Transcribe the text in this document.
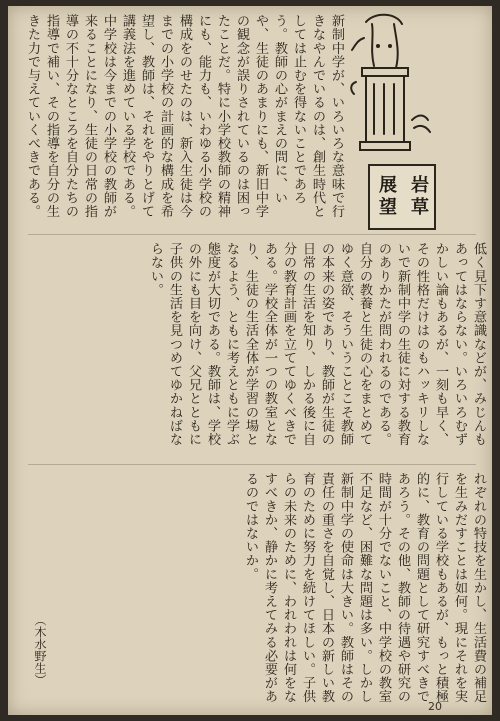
岩草
展望
新制中学が、いろいろな意味で行きなやんでいるのは、創生時代としては止むを得ないことであろう。教師の心がまえの問に、いや、生徒のあまりにも、新旧中学の観念が誤りされているのは困ったことだ。特に小学校教師の精神にも、能力も、いわゆる小学校の構成をのせたのは、新入生徒は今までの小学校の計画的な構成を希望し、教師は、それをやりとげて講義法を進めている学校である。中学校は今までの小学校の教師が来ることになり、生徒の日常の指導の不十分なところを自分たちの指導で補い、その指導を自分の生きた力で与えていくべきである。
低く見下す意識などが、みじんもあってはならない。いろいろむずかしい論もあるが、一刻も早く、その性格だけはのもハッキリしないで新制中学の生徒に対する教育のありかたが問われるのである。自分の教養と生徒の心をまとめてゆく意欲、そういうことこそ教師の本来の姿であり、教師が生徒の日常の生活を知り、しかる後に自分の教育計画を立ててゆくべきである。学校全体が一つの教室となり、生徒の生活全体が学習の場となるよう、ともに考えともに学ぶ態度が大切である。教師は、学校の外にも目を向け、父兄とともに子供の生活を見つめてゆかねばならない。
れぞれの特技を生かし、生活費の補足を生みだすことは如何。現にそれを実行している学校もあるが、もっと積極的に、教育の問題として研究すべきであろう。その他、教師の待遇や研究の時間が十分でないこと、中学校の教室不足など、困難な問題は多い。しかし新制中学の使命は大きい。教師はその責任の重さを自覚し、日本の新しい教育のために努力を続けてほしい。子供らの未来のために、われわれは何をなすべきか、静かに考えてみる必要があるのではないか。
（木水野生）
20
